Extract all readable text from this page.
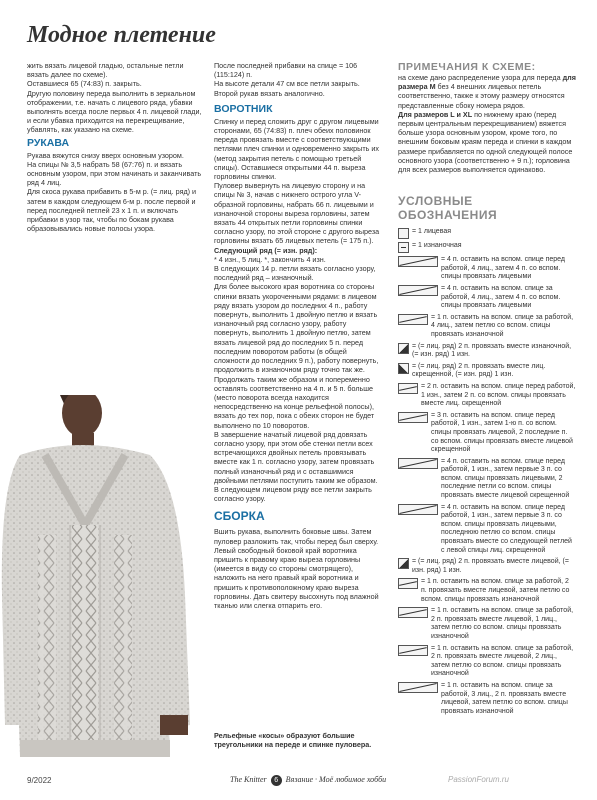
Модное плетение

жить вязать лицевой гладью, остальные петли вязать далее по схеме).
Оставшиеся 65 (74:83) п. закрыть.
Другую половину переда выполнить в зеркальном отображении, т.е. начать с лицевого ряда, убавки выполнять всегда после первых 4 п. лицевой глади, и если убавка приходится на перекрещивание, убавлять, как указано на схеме.

РУКАВА

Рукава вяжутся снизу вверх основным узором.
На спицы № 3,5 набрать 58 (67:76) п. и вязать основным узором, при этом начинать и заканчивать ряд 4 лиц.
Для скоса рукава прибавить в 5-м р. (= лиц. ряд) и затем в каждом следующем 6-м р. после первой и перед последней петлей 23 х 1 п. и включать прибавки в узор так, чтобы по бокам рукава образовывались новые полосы узора.

После последней прибавки на спице = 106 (115:124) п.
На высоте детали 47 см все петли закрыть.
Второй рукав вязать аналогично.

ВОРОТНИК

Спинку и перед сложить друг с другом лицевыми сторонами, 65 (74:83) п. плеч обеих половинок переда провязать вместе с соответствующими петлями плеч спинки и одновременно закрыть их (метод закрытия петель с помощью третьей спицы). Оставшиеся открытыми 44 п. выреза горловины спинки.
Пуловер вывернуть на лицевую сторону и на спицы № 3, начав с нижнего острого угла V-образной горловины, набрать 66 п. лицевыми и изнаночной стороны выреза горловины, затем вязать 44 открытых петли горловины спинки согласно узору, по этой стороне с другого выреза горловины вязать 65 лицевых петель (= 175 п.).

Следующий ряд (= изн. ряд):

* 4 изн., 5 лиц. *, закончить 4 изн.
В следующих 14 р. петли вязать согласно узору, последний ряд – изнаночный.
Для более высокого края воротника со стороны спинки вязать укороченными рядами: в лицевом ряду вязать узором до последних 4 п., работу повернуть, выполнить 1 двойную петлю и вязать изнаночный ряд согласно узору, работу повернуть, выполнить 1 двойную петлю, затем вязать лицевой ряд до последних 5 п. перед последним поворотом работы (в общей сложности до последних 9 п.), работу повернуть, продолжить в изнаночном ряду точно так же.
Продолжать таким же образом и попеременно оставлять соответственно на 4 п. и 5 п. больше (место поворота всегда находится непосредственно на конце рельефной полосы), вязать до тех пор, пока с обеих сторон не будет выполнено по 10 поворотов.
В завершение начатый лицевой ряд довязать согласно узору, при этом обе стенки петли всех встречающихся двойных петель провязывать вместе как 1 п. согласно узору, затем провязать полный изнаночный ряд и с оставшимися двойными петлями поступить таким же образом.
В следующем лицевом ряду все петли закрыть согласно узору.

СБОРКА

Вшить рукава, выполнить боковые швы. Затем пуловер разложить так, чтобы перед был сверху.
Левый свободный боковой край воротника пришить к правому краю выреза горловины (имеется в виду со стороны смотрящего), наложить на него правый край воротника и пришить к противоположному краю выреза горловины. Дать свитеру высохнуть под влажной тканью или слегка отпарить его.

Рельефные «косы» образуют большие треугольники на переде и спинке пуловера.
ПРИМЕЧАНИЯ К СХЕМЕ:

на схеме дано распределение узора для переда для размера M без 4 внешних лицевых петель соответственно, также к этому размеру относятся представленные сбоку номера рядов.

Для размеров L и XL по нижнему краю (перед первым центральным перекрещиванием) вяжется больше узора основным узором, кроме того, по внешним боковым краям переда и спинки в каждом размере прибавляется по одной следующей полосе основного узора (соответственно + 9 п.); горловина для всех размеров выполняется одинаково.

УСЛОВНЫЕ ОБОЗНАЧЕНИЯ
= 1 лицевая
= 1 изнаночная
= 4 п. оставить на вспом. спице перед работой, 4 лиц., затем 4 п. со вспом. спицы провязать лицевыми
= 4 п. оставить на вспом. спице за работой, 4 лиц., затем 4 п. со вспом. спицы провязать лицевыми
= 1 п. оставить на вспом. спице за работой, 4 лиц., затем петлю со вспом. спицы провязать изнаночной
= (= лиц. ряд) 2 п. провязать вместе изнаночной, (= изн. ряд) 1 изн.
= (= лиц. ряд) 2 п. провязать вместе лиц. скрещенной, (= изн. ряд) 1 изн.
= 2 п. оставить на вспом. спице перед работой, 1 изн., затем 2 п. со вспом. спицы провязать вместе лиц. скрещенной
= 3 п. оставить на вспом. спице перед работой, 1 изн., затем 1-ю п. со вспом. спицы провязать лицевой, 2 последние п. со вспом. спицы провязать вместе лицевой скрещенной
= 4 п. оставить на вспом. спице перед работой, 1 изн., затем первые 3 п. со вспом. спицы провязать лицевыми, 2 последние петли со вспом. спицы провязать вместе лицевой скрещенной
= 4 п. оставить на вспом. спице перед работой, 1 изн., затем первые 3 п. со вспом. спицы провязать лицевыми, последнюю петлю со вспом. спицы провязать вместе со следующей петлей с левой спицы лиц. скрещенной
= (= лиц. ряд) 2 п. провязать вместе лицевой, (= изн. ряд) 1 изн.
= 1 п. оставить на вспом. спице за работой, 2 п. провязать вместе лицевой, затем петлю со вспом. спицы провязать изнаночной
= 1 п. оставить на вспом. спице за работой, 2 п. провязать вместе лицевой, 1 лиц., затем петлю со вспом. спицы провязать изнаночной
= 1 п. оставить на вспом. спице за работой, 2 п. провязать вместе лицевой, 2 лиц., затем петлю со вспом. спицы провязать изнаночной
= 1 п. оставить на вспом. спице за работой, 3 лиц., 2 п. провязать вместе лицевой, затем петлю со вспом. спицы провязать изнаночной
9/2022	The Knitter 6 Вязание · Моё любимое хобби	PassionForum.ru
